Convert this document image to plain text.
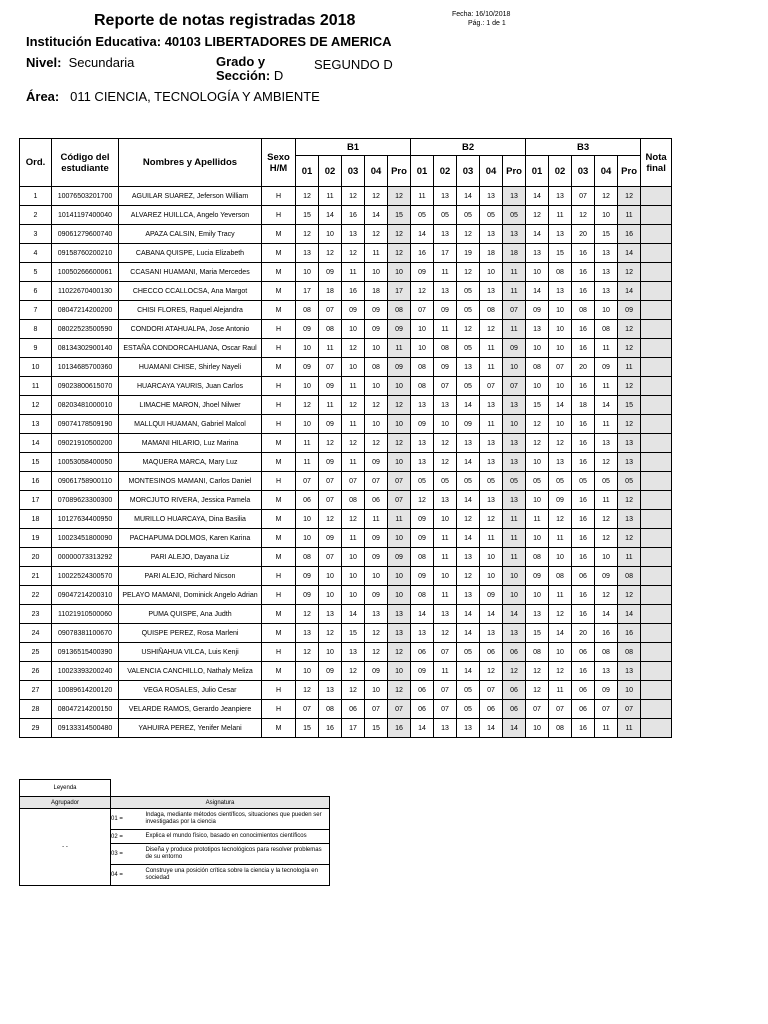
Reporte de notas registradas 2018	Fecha: 16/10/2018
Pág.: 1 de 1
Institución Educativa: 40103 LIBERTADORES DE AMERICA
Nivel: Secundaria	Grado y
Sección: D
SEGUNDO D
Área: 011 CIENCIA, TECNOLOGÍA Y AMBIENTE
Ord.	Código del estudiante	Nombres y Apellidos	Sexo H/M	B1					B2					B3					Nota final
				01	02	03	04	Pro	01	02	03	04	Pro	01	02	03	04	Pro	
1	10076503201700	AGUILAR SUAREZ, Jeferson William	H	12	11	12	12	12	11	13	14	13	13	14	13	07	12	12	
2	10141197400040	ALVAREZ HUILLCA, Angelo Yeverson	H	15	14	16	14	15	05	05	05	05	05	12	11	12	10	11	
3	09061279600740	APAZA CALSIN, Emily Tracy	M	12	10	13	12	12	14	13	12	13	13	14	13	20	15	16	
4	09158760200210	CABANA QUISPE, Lucia Elizabeth	M	13	12	12	11	12	16	17	19	18	18	13	15	16	13	14	
5	10050266600061	CCASANI HUAMANI, Maria Mercedes	M	10	09	11	10	10	09	11	12	10	11	10	08	16	13	12	
6	11022670400130	CHECCO CCALLOCSA, Ana Margot	M	17	18	16	18	17	12	13	05	13	11	14	13	16	13	14	
7	08047214200200	CHISI FLORES, Raquel Alejandra	M	08	07	09	09	08	07	09	05	08	07	09	10	08	10	09	
8	08022523500590	CONDORI ATAHUALPA, Jose Antonio	H	09	08	10	09	09	10	11	12	12	11	13	10	16	08	12	
9	08134302900140	ESTAÑA CONDORCAHUANA, Oscar Raul	H	10	11	12	10	11	10	08	05	11	09	10	10	16	11	12	
10	10134685700360	HUAMANI CHISE, Shirley Nayeli	M	09	07	10	08	09	08	09	13	11	10	08	07	20	09	11	
11	09023800615070	HUARCAYA YAURIS, Juan Carlos	H	10	09	11	10	10	08	07	05	07	07	10	10	16	11	12	
12	08203481000010	LIMACHE MARON, Jhoel Nilwer	H	12	11	12	12	12	13	13	14	13	13	15	14	18	14	15	
13	09074178509190	MALLQUI HUAMAN, Gabriel Malcol	H	10	09	11	10	10	09	10	09	11	10	12	10	16	11	12	
14	09021910500200	MAMANI HILARIO, Luz Marina	M	11	12	12	12	12	13	12	13	13	13	12	12	16	13	13	
15	10053058400050	MAQUERA MARCA, Mary Luz	M	11	09	11	09	10	13	12	14	13	13	10	13	16	12	13	
16	09061758900110	MONTESINOS MAMANI, Carlos Daniel	H	07	07	07	07	07	05	05	05	05	05	05	05	05	05	05	
17	07089623300300	MORCJUTO RIVERA, Jessica Pamela	M	06	07	08	06	07	12	13	14	13	13	10	09	16	11	12	
18	10127634400950	MURILLO HUARCAYA, Dina Basilia	M	10	12	12	11	11	09	10	12	12	11	11	12	16	12	13	
19	10023451800090	PACHAPUMA DOLMOS, Karen Karina	M	10	09	11	09	10	09	11	14	11	11	10	11	16	12	12	
20	00000073313292	PARI ALEJO, Dayana Liz	M	08	07	10	09	09	08	11	13	10	11	08	10	16	10	11	
21	10022524300570	PARI ALEJO, Richard Nicson	H	09	10	10	10	10	09	10	12	10	10	09	08	06	09	08	
22	09047214200310	PELAYO MAMANI, Dominick Angelo Adrian	H	09	10	10	09	10	08	11	13	09	10	10	11	16	12	12	
23	11021910500060	PUMA QUISPE, Ana Judth	M	12	13	14	13	13	14	13	14	14	14	13	12	16	14	14	
24	09078381100670	QUISPE PEREZ, Rosa Marleni	M	13	12	15	12	13	13	12	14	13	13	15	14	20	16	16	
25	09136515400390	USHIÑAHUA VILCA, Luis Kenji	H	12	10	13	12	12	06	07	05	06	06	08	10	06	08	08	
26	10023393200240	VALENCIA CANCHILLO, Nathaly Meliza	M	10	09	12	09	10	09	11	14	12	12	12	12	16	13	13	
27	10089614200120	VEGA ROSALES, Julio Cesar	H	12	13	12	10	12	06	07	05	07	06	12	11	06	09	10	
28	08047214200150	VELARDE RAMOS, Gerardo Jeanpiere	H	07	08	06	07	07	06	07	05	06	06	07	07	06	07	07	
29	09133314500480	YAHUIRA PEREZ, Yenifer Melani	M	15	16	17	15	16	14	13	13	14	14	10	08	16	11	11	
Leyenda		
Agrupador	Asignatura	
- -	01 =	Indaga, mediante métodos científicos, situaciones que pueden ser investigadas por la ciencia
	02 =	Explica el mundo físico, basado en conocimientos científicos
	03 =	Diseña y produce prototipos tecnológicos para resolver problemas de su entorno
	04 =	Construye una posición crítica sobre la ciencia y la tecnología en sociedad
